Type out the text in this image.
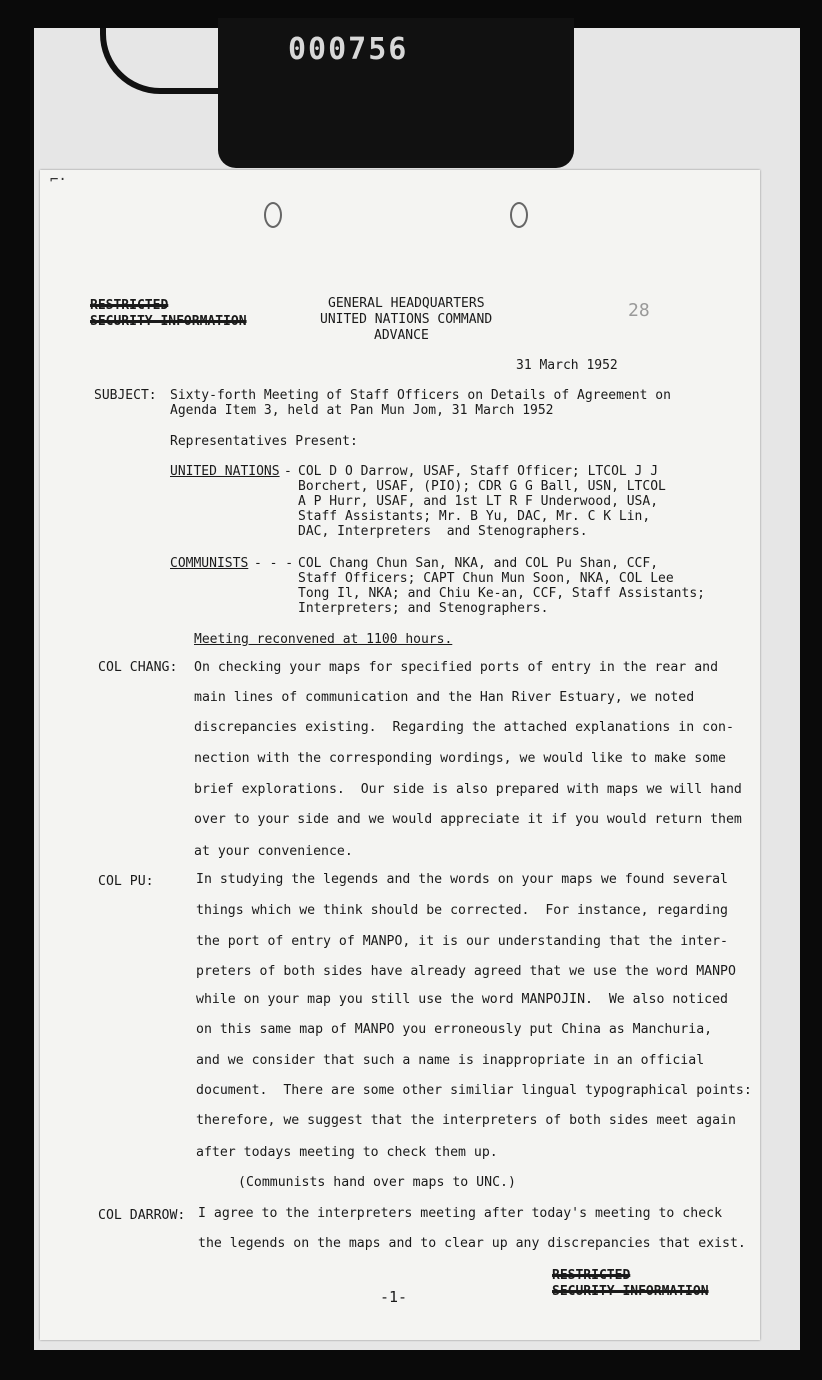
000756
⌐·
RESTRICTED
SECURITY INFORMATION
GENERAL HEADQUARTERS
UNITED NATIONS COMMAND
ADVANCE
28
31 March 1952
SUBJECT: Sixty-forth Meeting of Staff Officers on Details of Agreement on
Agenda Item 3, held at Pan Mun Jom, 31 March 1952
Representatives Present:
UNITED NATIONS - COL D O Darrow, USAF, Staff Officer; LTCOL J J
Borchert, USAF, (PIO); CDR G G Ball, USN, LTCOL
A P Hurr, USAF, and 1st LT R F Underwood, USA,
Staff Assistants; Mr. B Yu, DAC, Mr. C K Lin,
DAC, Interpreters  and Stenographers.
COMMUNISTS - - - COL Chang Chun San, NKA, and COL Pu Shan, CCF,
Staff Officers; CAPT Chun Mun Soon, NKA, COL Lee
Tong Il, NKA; and Chiu Ke-an, CCF, Staff Assistants;
Interpreters; and Stenographers.
Meeting reconvened at 1100 hours.
COL CHANG: On checking your maps for specified ports of entry in the rear and
main lines of communication and the Han River Estuary, we noted
discrepancies existing.  Regarding the attached explanations in con-
nection with the corresponding wordings, we would like to make some
brief explorations.  Our side is also prepared with maps we will hand
over to your side and we would appreciate it if you would return them
at your convenience.
COL PU:	In studying the legends and the words on your maps we found several
things which we think should be corrected.  For instance, regarding
the port of entry of MANPO, it is our understanding that the inter-
preters of both sides have already agreed that we use the word MANPO
while on your map you still use the word MANPOJIN.  We also noticed
on this same map of MANPO you erroneously put China as Manchuria,
and we consider that such a name is inappropriate in an official
document.  There are some other similiar lingual typographical points:
therefore, we suggest that the interpreters of both sides meet again
after todays meeting to check them up.
(Communists hand over maps to UNC.)
COL DARROW: I agree to the interpreters meeting after today's meeting to check
the legends on the maps and to clear up any discrepancies that exist.
-1-
RESTRICTED
SECURITY INFORMATION
